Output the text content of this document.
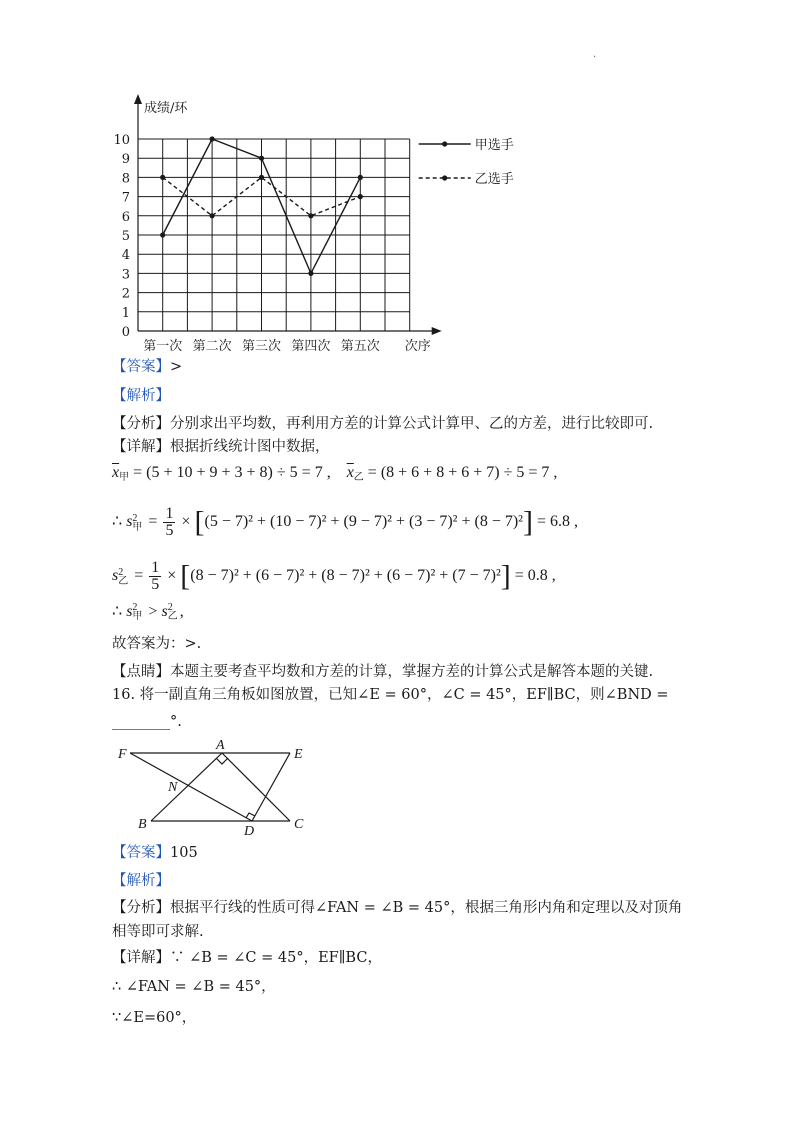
·
成绩/环
0
1
2
3
4
5
6
7
8
9
10
第一次 第二次 第三次 第四次 第五次 次序
甲选手
乙选手
【答案】>
【解析】
【分析】分别求出平均数，再利用方差的计算公式计算甲、乙的方差，进行比较即可.
【详解】根据折线统计图中数据，
$\overline{x}_甲 = (5 + 10 + 9 + 3 + 8) \div 5 = 7$ , $\overline{x}_乙 = (8 + 6 + 8 + 6 + 7) \div 5 = 7$ ,
∴ s2
甲 = $\frac{1}{5} \times [(5 - 7)^2 + (10 - 7)^2 + (9 - 7)^2 + (3 - 7)^2 + (8 - 7)^2] = 6.8$ ,
s2
乙 = $\frac{1}{5} \times [(8 - 7)^2 + (6 - 7)^2 + (8 - 7)^2 + (6 - 7)^2 + (7 - 7)^2] = 0.8$ ,
∴ s2
甲 > s2
乙 ,
故答案为：>.
【点睛】本题主要考查平均数和方差的计算，掌握方差的计算公式是解答本题的关键.
16. 将一副直角三角板如图放置，已知∠E = 60°，∠C = 45°，EF∥BC，则∠BND =
________°.
F
A
E
N
B	D	C
【答案】105
【解析】
【分析】根据平行线的性质可得∠FAN = ∠B = 45°，根据三角形内角和定理以及对顶角
相等即可求解.
【详解】∵ ∠B = ∠C = 45°，EF∥BC，
∴ ∠FAN = ∠B = 45°，
∵∠E=60°，
